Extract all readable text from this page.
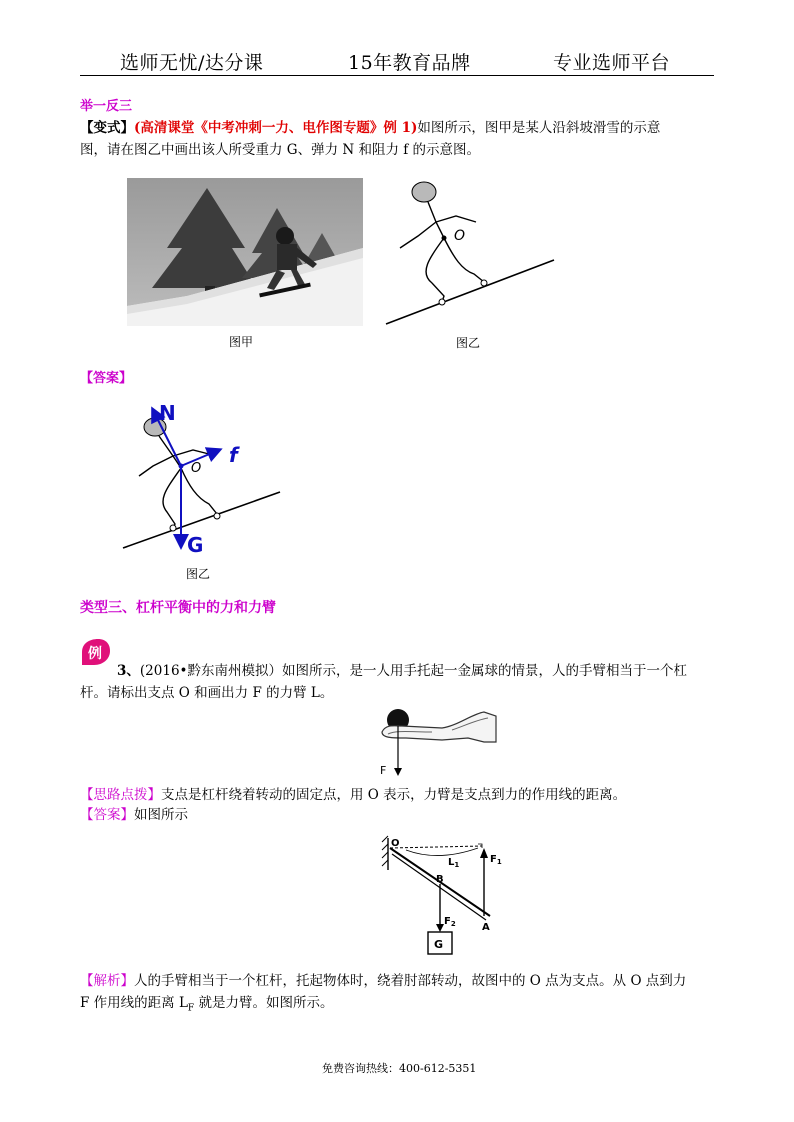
选师无忧/达分课	15年教育品牌	专业选师平台
举一反三
【变式】(高清课堂《中考冲刺一力、电作图专题》例 1)如图所示，图甲是某人沿斜坡滑雪的示意
图，请在图乙中画出该人所受重力 G、弹力 N 和阻力 f 的示意图。
图甲
O
图乙
【答案】
O
N
f
G
图乙
类型三、杠杆平衡中的力和力臂
例
3、(2016•黔东南州模拟）如图所示，是一人用手托起一金属球的情景，人的手臂相当于一个杠
杆。请标出支点 O 和画出力 F 的力臂 L。
F
【思路点拨】支点是杠杆绕着转动的固定点，用 O 表示，力臂是支点到力的作用线的距离。
【答案】如图所示
O
$L_1$	$F_1$
B
$F_2$	A
G
【解析】人的手臂相当于一个杠杆，托起物体时，绕着肘部转动，故图中的 O 点为支点。从 O 点到力
F 作用线的距离 $L_F$ 就是力臂。如图所示。
免费咨询热线：400-612-5351
